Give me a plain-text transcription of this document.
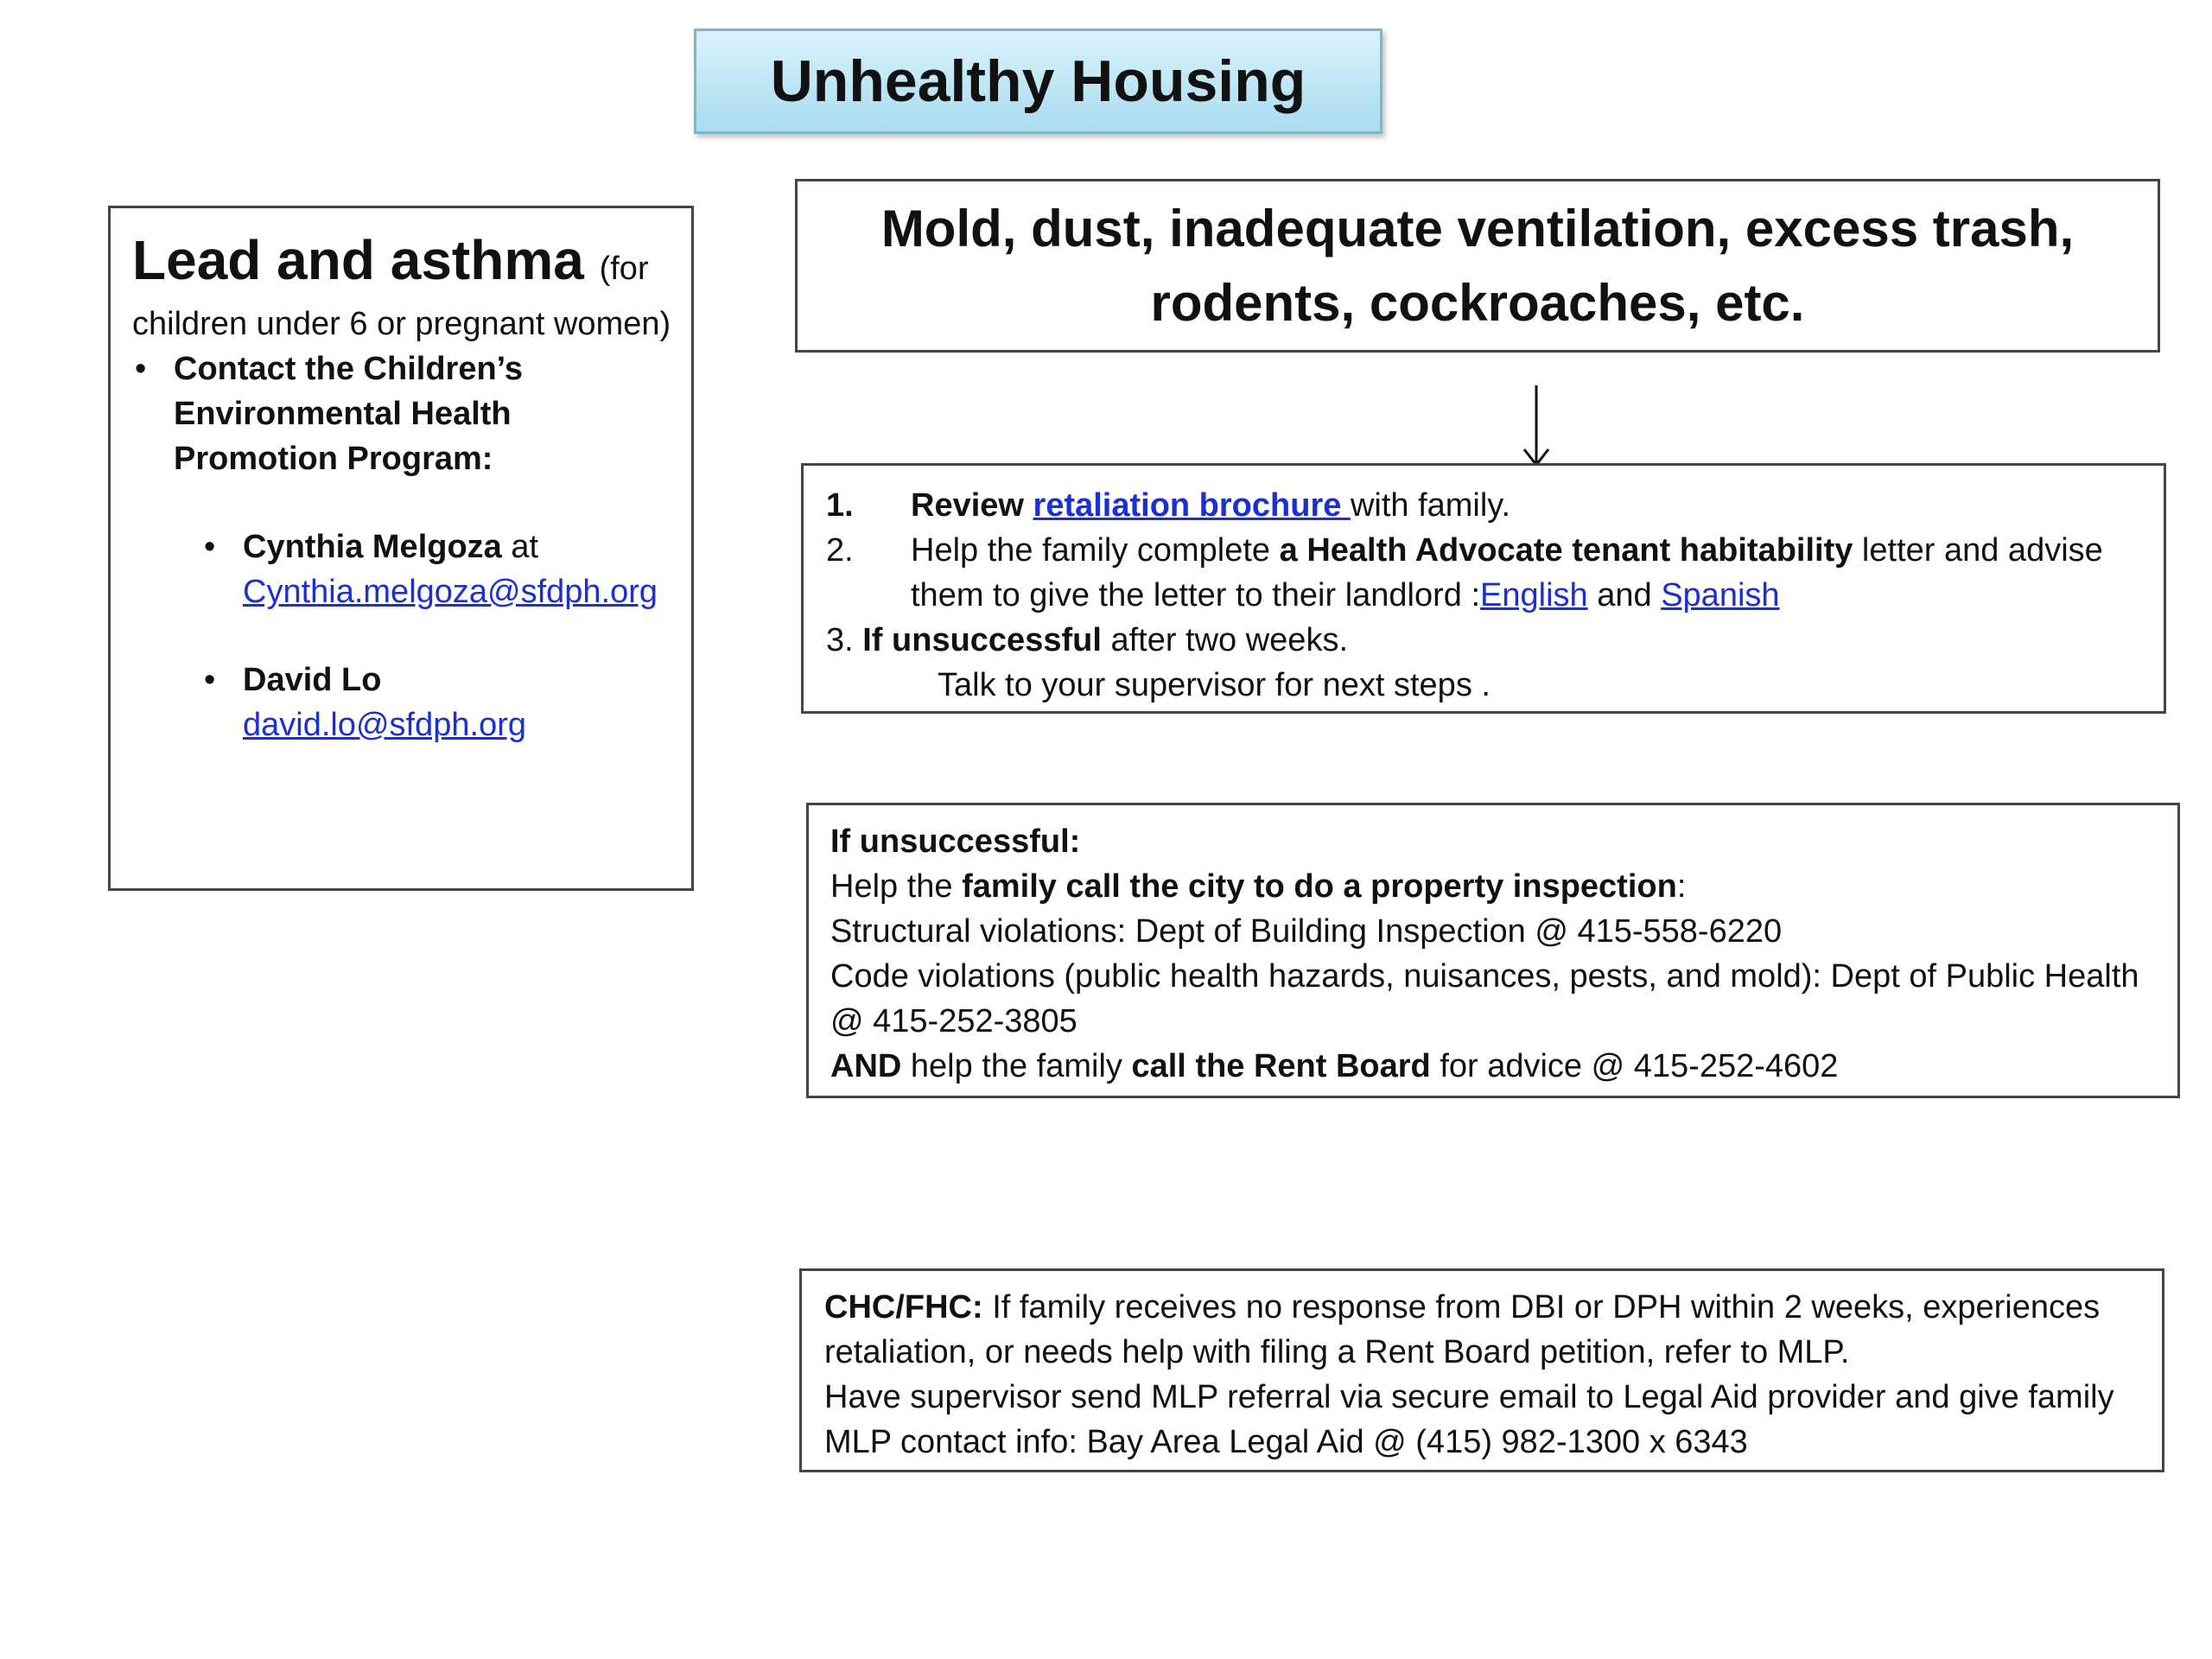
Unhealthy Housing
Lead and asthma (for
children under 6 or pregnant women)
• Contact the Children’s Environmental Health Promotion Program:
• Cynthia Melgoza at
Cynthia.melgoza@sfdph.org
• David Lo
david.lo@sfdph.org
Mold, dust, inadequate ventilation, excess trash,
rodents, cockroaches, etc.
1. Review retaliation brochure with family.
2. Help the family complete a Health Advocate tenant habitability letter and advise
them to give the letter to their landlord :English and Spanish
3. If unsuccessful after two weeks.
Talk to your supervisor for next steps .
If unsuccessful:
Help the family call the city to do a property inspection:
Structural violations: Dept of Building Inspection @ 415-558-6220
Code violations (public health hazards, nuisances, pests, and mold): Dept of Public Health @ 415-252-3805
AND help the family call the Rent Board for advice @ 415-252-4602
CHC/FHC: If family receives no response from DBI or DPH within 2 weeks, experiences retaliation, or needs help with filing a Rent Board petition, refer to MLP.
Have supervisor send MLP referral via secure email to Legal Aid provider and give family MLP contact info: Bay Area Legal Aid @ (415) 982-1300 x 6343
